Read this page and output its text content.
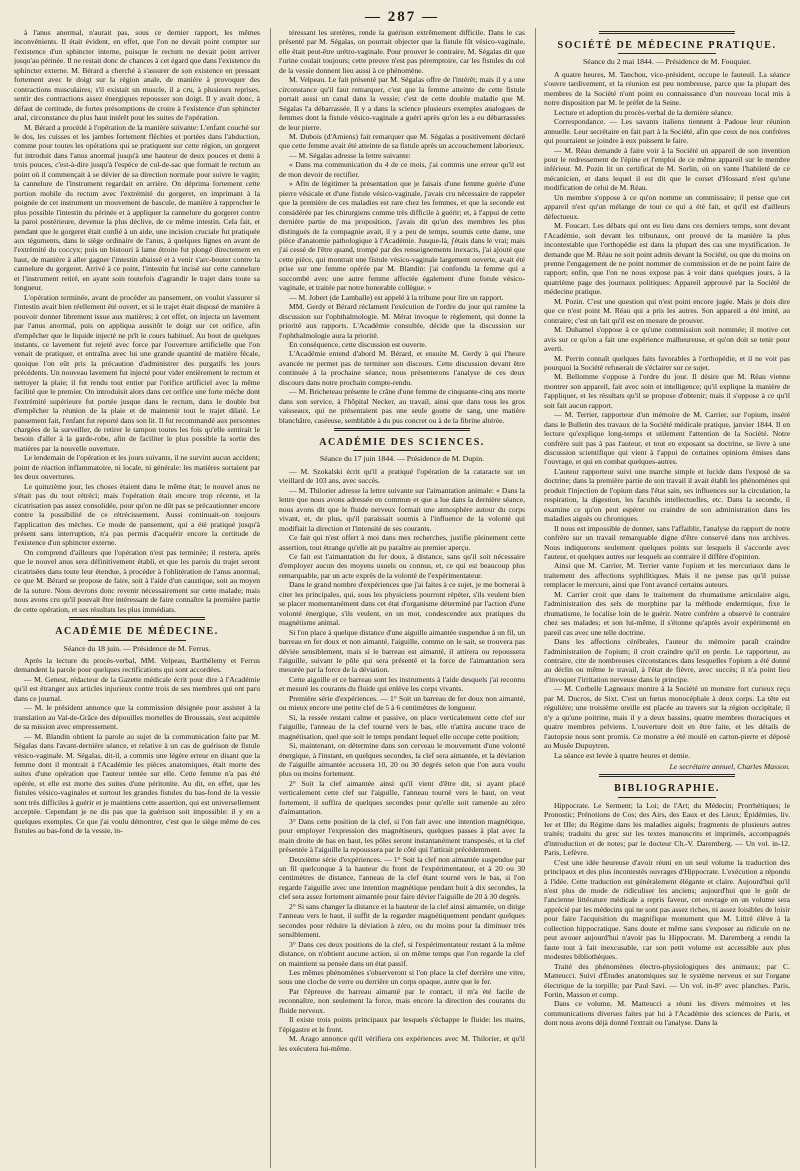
— 287 —

à l'anus anormal, n'aurait pas, sous ce dernier rapport, les mêmes inconvénients. Il était évident, en effet, que l'on ne devait point compter sur l'existence d'un sphincter interne, puisque le rectum ne devait point arriver jusqu'au périnée. Il ne restait donc de chances à cet égard que dans l'existence du sphincter externe. M. Bérard a cherché à s'assurer de son existence en pressant fortement avec le doigt sur la région anale, de manière à provoquer des contractions musculaires; s'il existait un muscle, il a cru, à plusieurs reprises, sentir des contractions assez énergiques repousser son doigt. Il y avait donc, à défaut de certitude, de fortes présomptions de croire à l'existence d'un sphincter anal, circonstance du plus haut intérêt pour les suites de l'opération.

M. Bérard a procédé à l'opération de la manière suivante: L'enfant couché sur le dos, les cuisses et les jambes fortement fléchies et portées dans l'abduction, comme pour toutes les opérations qui se pratiquent sur cette région, un gorgeret fut introduit dans l'anus anormal jusqu'à une hauteur de deux pouces et demi à trois pouces, c'est-à-dire jusqu'à l'espèce de cul-de-sac que formait le rectum au point où il commençait à se dévier de sa direction normale pour suivre le vagin; la cannelure de l'instrument regardait en arrière. On déprima fortement cette portion mobile du rectum avec l'extrémité du gorgeret, en imprimant à la poignée de cet instrument un mouvement de bascule, de manière à rapprocher le plus possible l'intestin du périnée et à appliquer la cannelure du gorgeret contre la paroi postérieure, devenue la plus déclive, de ce même intestin. Cela fait, et pendant que le gorgeret était confié à un aide, une incision cruciale fut pratiquée aux téguments, dans le siège ordinaire de l'anus, à quelques lignes en avant de l'extrémité du coccyx; puis un bistouri à lame étroite fut plongé directement en haut, de manière à aller gagner l'intestin abaissé et à venir s'arc-bouter contre la cannelure du gorgeret. Arrivé à ce point, l'intestin fut incisé sur cette cannelure et l'instrument retiré, en ayant soin toutefois d'agrandir le trajet dans toute sa longueur.

L'opération terminée, avant de procéder au pansement, on voulut s'assurer si l'intestin avait bien réellement été ouvert, et si le trajet était disposé de manière à pouvoir donner librement issue aux matières; à cet effet, on injecta un lavement par l'anus anormal, puis on appliqua aussitôt le doigt sur cet orifice, afin d'empêcher que le liquide injecté ne prît le cours habituel. Au bout de quelques instants, ce lavement fut rejeté avec force par l'ouverture artificielle que l'on venait de pratiquer, et entraîna avec lui une grande quantité de matière fécale, quoique l'on eût pris la précaution d'administrer des purgatifs les jours précédents. Un nouveau lavement fut injecté pour vider entièrement le rectum et nettoyer la plaie; il fut rendu tout entier par l'orifice artificiel avec la même facilité que le premier. On introduisit alors dans cet orifice une forte mèche dont l'extrémité supérieure fut portée jusque dans le rectum, dans le double but d'empêcher la réunion de la plaie et de maintenir tout le trajet dilaté. Le pansement fait, l'enfant fut reporté dans son lit. Il fut recommandé aux personnes chargées de la surveiller, de retirer le tampon toutes les fois qu'elle sentirait le besoin d'aller à la garde-robe, afin de faciliter le plus possible la sortie des matières par la nouvelle ouverture.

Le lendemain de l'opération et les jours suivants, il ne survint aucun accident; point de réaction inflammatoire, ni locale, ni générale: les matières sortaient par les deux ouvertures.

Le quinzième jour, les choses étaient dans le même état; le nouvel anus ne s'était pas du tout rétréci; mais l'opération était encore trop récente, et la cicatrisation pas assez consolidée, pour qu'on ne dût pas se précautionner encore contre la possibilité de ce rétrécissement. Aussi continuait-on toujours l'application des mèches. Ce mode de pansement, qui a été pratiqué jusqu'à présent sans interruption, n'a pas permis d'acquérir encore la certitude de l'existence d'un sphincter externe.

On comprend d'ailleurs que l'opération n'est pas terminée; il restera, après que le nouvel anus sera définitivement établi, et que les parois du trajet seront cicatrisées dans toute leur étendue, à procéder à l'oblitération de l'anus anormal, ce que M. Bérard se propose de faire, soit à l'aide d'un caustique, soit au moyen de la suture. Nous devrons donc revenir nécessairement sur cette malade; mais nous avons cru qu'il pouvait être intéressant de faire connaître la première partie de cette opération, et ses résultats les plus immédiats.

ACADÉMIE DE MÉDECINE.
Séance du 18 juin. — Présidence de M. Ferrus.

Après la lecture du procès-verbal, MM. Velpeau, Barthélemy et Ferrus demandent la parole pour quelques rectifications qui sont accordées.

— M. Genest, rédacteur de la Gazette médicale écrit pour dire à l'Académie qu'il est étranger aux articles injurieux contre trois de ses membres qui ont paru dans ce journal.

— M. le président annonce que la commission désignée pour assister à la translation au Val-de-Grâce des dépouilles mortelles de Broussais, s'est acquittée de sa mission avec empressement.

— M. Blandin obtient la parole au sujet de la communication faite par M. Ségalas dans l'avant-dernière séance, et relative à un cas de guérison de fistule vésico-vaginale. M. Ségalas, dit-il, a commis une légère erreur en disant que la femme dont il montrait à l'Académie les pièces anatomiques, était morte des suites d'une opération que l'auteur tentée sur elle. Cette femme n'a pas été opérée, et elle est morte des suites d'une péritonite. Au dit, en effet, que les fistules vésico-vaginales et surtout les grandes fistules du bas-fond de la vessie sont très difficiles à guérir et je maintiens cette assertion, qui est universellement acceptée. Cependant je ne dis pas que la guérison soit impossible: il y en a quelques exemples. Ce que j'ai voulu démontrer, c'est que le siège même de ces fistules au bas-fond de la vessie, in-

téressant les uretères, rende la guérison extrêmement difficile. Dans le cas présenté par M. Ségalas, on pourrait objecter que la fistule fût vésico-vaginale, elle était peut-être urétro-vaginale. Pour prouver le contraire, M. Ségalas dit que l'urine coulait toujours; cette preuve n'est pas péremptoire, car les fistules du col de la vessie donnent lieu aussi à ce phénomène.

M. Velpeau. Le fait présenté par M. Ségalas offre de l'intérêt; mais il y a une circonstance qu'il faut remarquer, c'est que la femme atteinte de cette fistule portait aussi un canal dans la vessie; c'est de cette double maladie que M. Ségalas l'a débarrassée. Il y a dans la science plusieurs exemples analogues de femmes dont la fistule vésico-vaginale a guéri après qu'on les a eu débarrassées de leur pierre.

M. Dubois (d'Amiens) fait remarquer que M. Ségalas a positivement déclaré que cette femme avait été atteinte de sa fistule après un accouchement laborieux.

— M. Ségalas adresse la lettre suivante:

« Dans ma communication du 4 de ce mois, j'ai commis une erreur qu'il est de mon devoir de rectifier.

» Afin de légitimer la présentation que je faisais d'une femme guérie d'une pierre vésicale et d'une fistule vésico-vaginale, j'avais cru nécessaire de rappeler que la première de ces maladies est rare chez les femmes, et que la seconde est considérée par les chirurgiens comme très difficile à guérir; et, à l'appui de cette dernière partie de ma proposition, j'avais dit qu'un des membres les plus distingués de la compagnie avait, il y a peu de temps, soumis cette dame, une pièce d'anatomie pathologique à l'Académie. Jusque-là, j'étais dans le vrai; mais j'ai cessé de l'être quand, trompé par des renseignements inexacts, j'ai ajouté que cette pièce, qui montrait une fistule vésico-vaginale largement ouverte, avait été prise sur une femme opérée par M. Blandin: j'ai confondu la femme qui a succombé avec une autre femme affectée également d'une fistule vésico-vaginale, et traitée par notre honorable collègue. »

— M. Jobert (de Lamballe) est appelé à la tribune pour lire un rapport.

MM. Gerdy et Bérard réclament l'exécution de l'ordre du jour qui ramène la discussion sur l'ophthalmologie. M. Mérat invoque le règlement, qui donne la priorité aux rapports. L'Académie consultée, décide que la discussion sur l'ophthalmologie aura la priorité.

En conséquence, cette discussion est ouverte.

L'Académie entend d'abord M. Bérard, et ensuite M. Gerdy à qui l'heure avancée ne permet pas de terminer son discours. Cette discussion devant être continuée à la prochaine séance, nous présenterons l'analyse de ces deux discours dans notre prochain compte-rendu.

— M. Bricheteau présente le crâne d'une femme de cinquante-cinq ans morte dans son service, à l'hôpital Necker, au travail, ainsi que dans tous les gros vaisseaux, qui ne présentaient pas une seule goutte de sang, une matière blanchâtre, caséeuse, semblable à du pus concret ou à de la fibrine altérée.

ACADÉMIE DES SCIENCES.
Séance du 17 juin 1844. — Présidence de M. Dupin.

— M. Szokalski écrit qu'il a pratiqué l'opération de la cataracte sur un vieillard de 103 ans, avec succès.

— M. Thilorier adresse la lettre suivante sur l'aimantation animale: « Dans la lettre que nous avons adressée en commun et que a lue dans la dernière séance, nous avons dit que le fluide nerveux formait une atmosphère autour du corps vivant, et, de plus, qu'il paraissait soumis à l'influence de la volonté qui modifiait la direction et l'intensité de ses courants.

Ce fait qui n'est offert à moi dans mes recherches, justifie pleinement cette assertion, tout étrange qu'elle ait pu paraître au premier aperçu.

Ce fait est l'aimantation du fer doux, à distance, sans qu'il soit nécessaire d'employer aucun des moyens usuels ou connus, et, ce qui est beaucoup plus remarquable, par un acte exprès de la volonté de l'expérimentateur.

Dans le grand nombre d'expériences que j'ai faites à ce sujet, je me bornerai à citer les principales, qui, sous les physiciens pourront répéter, s'ils veulent bien se placer momentanément dans cet état d'organisme déterminé par l'action d'une volonté énergique, s'ils veulent, en un mot, condescendre aux pratiques du magnétisme animal.

Si l'on place à quelque distance d'une aiguille aimantée suspendue à un fil, un barreau en fer doux et non aimanté, l'aiguille, comme on le sait, se trouvera pas déviée sensiblement, mais si le barreau est aimanté, il attirera ou repoussera l'aiguille, suivant le pôle qui sera présenté et la force de l'aimantation sera mesurée par la force de la déviation.

Cette aiguille et ce barreau sont les instruments à l'aide desquels j'ai reconnu et mesuré les courants du fluide qui enlève les corps vivants.

Première série d'expériences. — 1° Soit un barreau de fer doux non aimanté, ou mieux encore une petite clef de 5 à 6 centimètres de longueur.

Si, la ressée restant calme et passive, on place verticalement cette clef sur l'aiguille, l'anneau de la clef tourné vers le bas, elle n'attira aucune trace de magnétisation, quel que soit le temps pendant lequel elle occupe cette position;

Si, maintenant, on détermine dans son cerveau le mouvement d'une volonté énergique, à l'instant, en quelques secondes, la clef sera aimantée, et la déviation de l'aiguille aimantée accusera 10, 20 ou 30 degrés selon que l'on aura voulu plus ou moins fortement.

2° Soit la clef aimantée ainsi qu'il vient d'être dit, si ayant placé verticalement cette clef sur l'aiguille, l'anneau tourné vers le haut, on veut fortement, il suffira de quelques secondes pour qu'elle soit ramenée au zéro d'aimantation.

3° Dans cette position de la clef, si l'on fait avec une intention magnétique, pour employer l'expression des magnétiseurs, quelques passes à plat avec la main droite de bas en haut, les pôles seront instantanément transposés, et la clef présentée à l'aiguille la repoussera par le côté qui l'attirait précédemment.

Deuxième série d'expériences. — 1° Soit la clef non aimantée suspendue par un fil quelconque à la hauteur du front de l'expérimentateur, et à 20 ou 30 centimètres de distance, l'anneau de la clef étant tourné vers le bas, si l'on regarde l'aiguille avec une intention magnétique pendant huit à dix secondes, la clef sera assez fortement aimantée pour faire dévier l'aiguille de 20 à 30 degrés.

2° Si sans changer la distance et la hauteur de la clef ainsi aimantée, on dirige l'anneau vers le haut, il suffit de la regarder magnétiquement pendant quelques secondes pour réduire la déviation à zéro, ou du moins pour la diminuer très sensiblement.

3° Dans ces deux positions de la clef, si l'expérimentateur restant à la même distance, on n'obtient aucune action, si on même temps que l'on regarde la clef on maintient sa pensée dans un état passif.

Les mêmes phénomènes s'observeront si l'on place la clef derrière une vitre, sous une cloche de verre ou derrière un corps opaque, autre que le fer.

Par l'épreuve du barreau aimanté par le contact, il m'a été facile de reconnaître, non seulement la force, mais encore la direction des courants du fluide nerveux.

Il existe trois points principaux par lesquels s'échappe le fluide: les mains, l'épigastre et le front.

M. Arago annonce qu'il vérifiera ces expériences avec M. Thilorier, et qu'il les exécutera lui-même.

SOCIÉTÉ DE MÉDECINE PRATIQUE.
Séance du 2 mai 1844. — Présidence de M. Fouquier.

A quatre heures, M. Tanchou, vice-président, occupe le fauteuil. La séance s'ouvre tardivement, et la réunion est peu nombreuse, parce que la plupart des membres de la Société n'ont point eu connaissance d'un nouveau local mis à notre disposition par M. le préfet de la Seine.

Lecture et adoption du procès-verbal de la dernière séance.

Correspondance. — Les savants italiens tiennent à Padoue leur réunion annuelle. Leur secrétaire en fait part à la Société, afin que ceux de nos confrères qui pourraient se joindre à eux puissent le faire.

— M. Réau demande à faire voir à la Société un appareil de son invention pour le redressement de l'épine et l'emploi de ce même appareil sur le membre inférieur. M. Pozin lit un certificat de M. Sorlin, où on vante l'habileté de ce mécanicien, et dans lequel il est dit que le corset d'Hossard n'est qu'une modification de celui de M. Réau.

Un membre s'oppose à ce qu'on nomme un commissaire; il pense que cet appareil n'est qu'un mélange de tout ce qui a été fait, et qu'il est d'ailleurs défectueux.

M. Foucart. Les débats qui ont eu lieu dans ces derniers temps, sont devant l'Académie, soit devant les tribunaux, ont prouvé de la manière la plus incontestable que l'orthopédie est dans la plupart des cas une mystification. Je demande que M. Réau ne soit point admis devant la Société, ou que du moins on prenne l'engagement de ne point nommer de commission et de ne point faire de rapport; enfin, que l'on ne nous expose pas à voir dans quelques jours, à la quatrième page des journaux politiques: Appareil approuvé par la Société de médecine pratique.

M. Pozin. C'est une question qui n'est point encore jugée. Mais je dois dire que ce n'est point M. Réau qui a pris les autres. Son appareil a été imité, au contraire; c'est un fait qu'il est en mesure de prouver.

M. Duhamel s'oppose à ce qu'une commission soit nommée; il motive cet avis sur ce qu'on a fait une expérience malheureuse, et qu'on doit se tenir pour averti.

M. Perrin connaît quelques faits favorables à l'orthopédie, et il ne voit pas pourquoi la Société refuserait de s'éclairer sur ce sujet.

M. Bellomme s'oppose à l'ordre du jour. Il désire que M. Réau vienne montrer son appareil, fait avec soin et intelligence; qu'il explique la manière de l'appliquer, et les résultats qu'il se propose d'obtenir; mais il s'oppose à ce qu'il soit fait aucun rapport.

— M. Terrier, rapporteur d'un mémoire de M. Carrier, sur l'opium, inséré dans le Bulletin des travaux de la Société médicale pratique, janvier 1844. Il en lecture qu'explique long-temps et utilement l'attention de la Société. Notre confrère suit pas à pas l'auteur, et tout en exposant sa doctrine, se livre à une discussion scientifique qui vient à l'appui de certaines opinions émises dans l'ouvrage, et qui en combat quelques-autres.

L'auteur rapporteur suivi une marche simple et lucide dans l'exposé de sa doctrine; dans la première partie de son travail il avait établi les phénomènes qui produit l'injection de l'opium dans l'état sain, ses influences sur la circulation, la respiration, la digestion, les facultés intellectuelles, etc. Dans la seconde, il examine ce qu'on peut espérer ou craindre de son administration dans les maladies aiguës ou chroniques.

Il nous est impossible de donner, sans l'affaiblir, l'analyse du rapport de notre confrère sur un travail remarquable digne d'être conservé dans nos archives. Nous indiquerons seulement quelques points sur lesquels il s'accorde avec l'auteur, et quelques autres sur lesquels au contraire il diffère d'opinion.

Ainsi que M. Carrier, M. Terrier vante l'opium et les mercuriaux dans le traitement des affections syphilitiques. Mais il ne pense pas qu'il puisse remplacer le mercure, ainsi que l'ont avancé certains auteurs.

M. Carrier croit que dans le traitement du rhumatisme articulaire aigu, l'administration des sels de morphine par la méthode endermique, fixe le rhumatisme, le localise loin de le guérir. Notre confrère a observé le contraire chez ses malades; et son lui-même, il s'étonne qu'après avoir expérimenté en pareil cas avec une telle doctrine.

Dans les affections cérébrales, l'auteur du mémoire paraît craindre l'administration de l'opium; il croit craindre qu'il en perde. Le rapporteur, au contraire, cite de nombreuses circonstances dans lesquelles l'opium a été donné au déclin ou même le travail, à l'état de fièvre, avec succès; il n'a point lieu d'invoquer l'irritation nerveuse dans le principe.

— M. Corbelle Lagneaux montre à la Société un monstre fort curieux reçu par M. Ducros, de Sixt. C'est un fœtus monocéphale à deux corps. La tête est régulière; une troisième oreille est placée au travers sur la région occipitale; il n'y a qu'une poitrine, mais il y a deux bassins, quatre membres thoraciques et quatre membres pelviens. L'ouverture doit en être faite, et les détails de l'autopsie nous sont promis. Ce monstre a été moulé en carton-pierre et déposé au Musée Dupuytren.

La séance est levée à quatre heures et demie.

Le secrétaire annuel, Charles Masson.
BIBLIOGRAPHIE.

Hippocrate. Le Serment; la Loi; de l'Art; du Médecin; Prorrhétiques; le Pronostic; Prénotions de Cos; des Airs, des Eaux et des Lieux; Épidémies, liv. Ier et IIIe; du Régime dans les maladies aiguës; fragments de plusieurs autres traités; traduits du grec sur les textes manuscrits et imprimés, accompagnés d'introduction et de notes; par le docteur Ch.-V. Daremberg. — Un vol. in-12. Paris, Lefèvre.

C'est une idée heureuse d'avoir réuni en un seul volume la traduction des principaux et des plus incontestés ouvrages d'Hippocrate. L'exécution a répondu à l'idée. Cette traduction est généralement élégante et claire. Aujourd'hui qu'il n'est plus de mode de ridiculiser les anciens; aujourd'hui que le goût de l'ancienne littérature médicale a repris faveur, cet ouvrage en un volume sera apprécié par les médecins qui ne sont pas assez riches, ni assez loisibles de loisir pour faire l'acquisition du magnifique monument que M. Littré élève à la collection hippocratique. Sans doute et même sans s'exposer au ridicule on ne peut avouer aujourd'hui n'avoir pas lu Hippocrate. M. Daremberg a rendu la faute tout à fait inexcusable, car son petit volume est accessible aux plus modestes bibliothèques.

Traité des phénomènes électro-physiologiques des animaux; par C. Matteucci. Suivi d'Études anatomiques sur le système nerveux et sur l'organe électrique de la torpille; par Paul Savi. — Un vol. in-8° avec planches. Paris, Fortin, Masson et comp.

Dans ce volume, M. Matteucci a réuni les divers mémoires et les communications diverses faites par lui à l'Académie des sciences de Paris, et dont nous avons déjà donné l'extrait ou l'analyse. Dans la
